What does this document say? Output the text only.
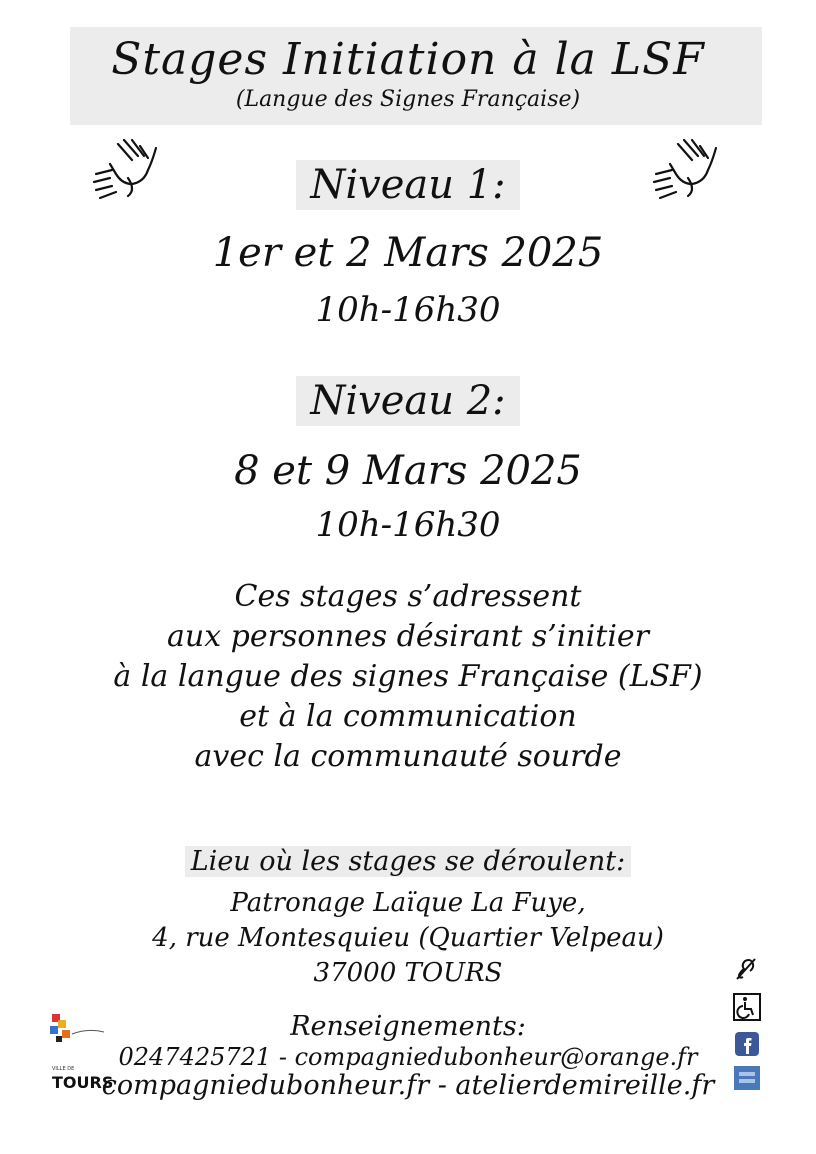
Stages Initiation à la LSF
(Langue des Signes Française)
Niveau 1:
1er et 2 Mars 2025
10h-16h30
Niveau 2:
8 et 9 Mars 2025
10h-16h30
Ces stages s’adressent
aux personnes désirant s’initier
à la langue des signes Française (LSF)
et à la communication
avec la communauté sourde
Lieu où les stages se déroulent:
Patronage Laïque La Fuye,
4, rue Montesquieu (Quartier Velpeau)
37000 TOURS
Renseignements:
0247425721 - compagniedubonheur@orange.fr
compagniedubonheur.fr - atelierdemireille.fr
VILLE DE
TOURS
